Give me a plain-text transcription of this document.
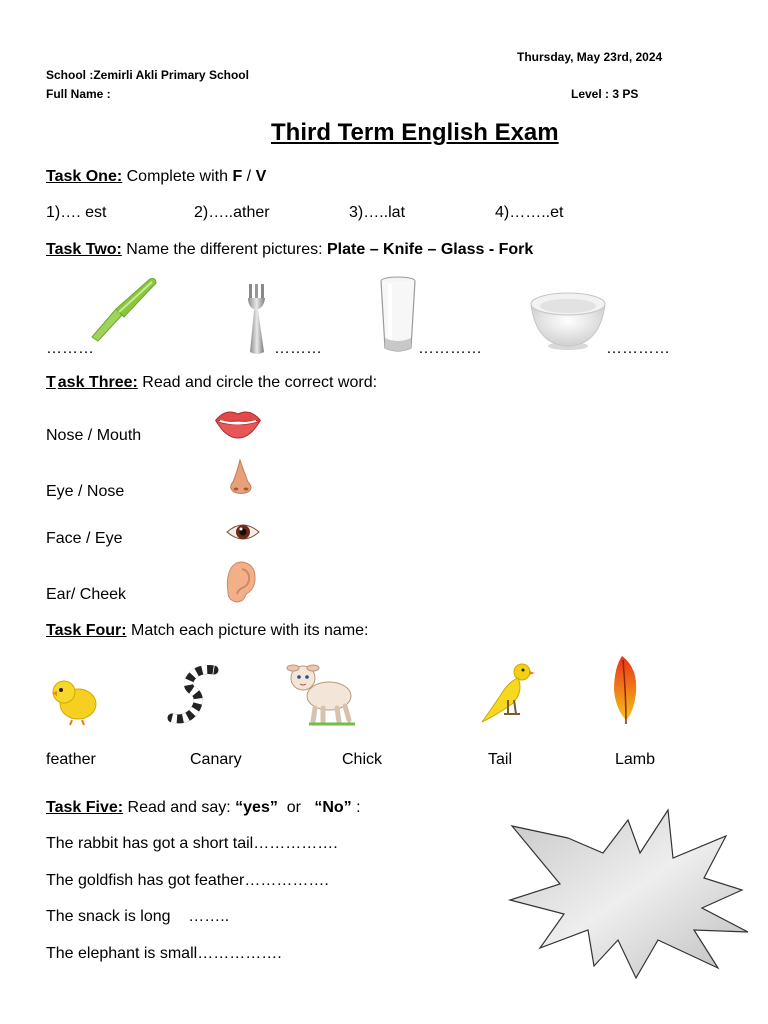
Thursday, May 23rd, 2024
School :Zemirli Akli Primary School
Full Name :	Level : 3 PS
Third Term English Exam
Task One: Complete with F / V
1)…. est	2)…..ather	3)…..lat	4)……..et
Task Two: Name the different pictures: Plate – Knife – Glass - Fork
………	………	…………	…………
T ask Three: Read and circle the correct word:
Nose / Mouth
Eye / Nose
Face / Eye
Ear/ Cheek
Task Four: Match each picture with its name:
feather	Canary	Chick	Tail	Lamb
Task Five: Read and say: “yes”  or   “No” :
The rabbit has got a short tail…………….
The goldfish has got feather…………….
The snack is long    ……..
The elephant is small…………….
